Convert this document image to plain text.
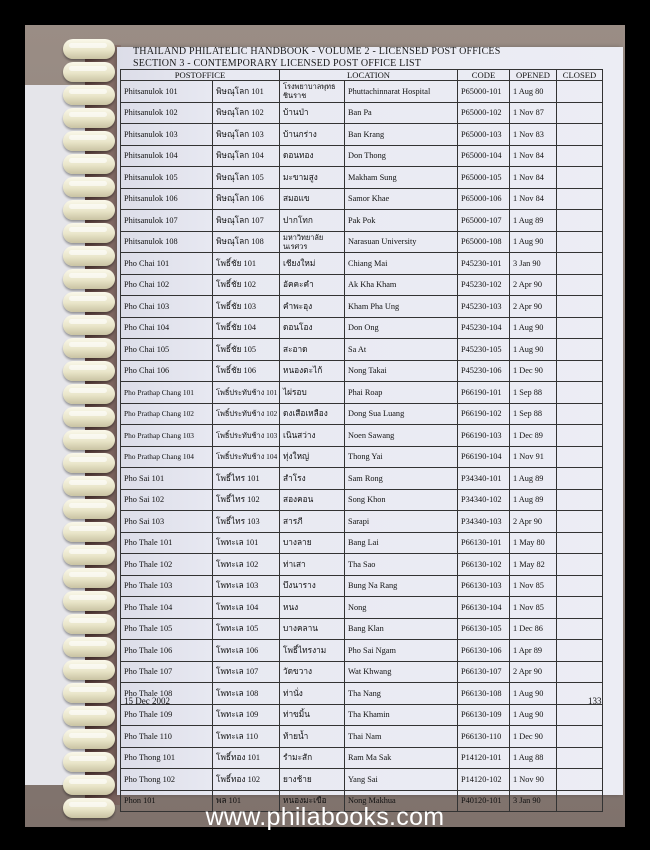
THAILAND PHILATELIC HANDBOOK - VOLUME 2 - LICENSED POST OFFICES
SECTION 3 - CONTEMPORARY LICENSED POST OFFICE LIST
POSTOFFICE		LOCATION		CODE	OPENED	CLOSED
Phitsanulok 101	พิษณุโลก 101	โรงพยาบาลพุทธชินราช	Phuttachinnarat Hospital	P65000-101	1 Aug 80	
Phitsanulok 102	พิษณุโลก 102	บ้านป่า	Ban Pa	P65000-102	1 Nov 87	
Phitsanulok 103	พิษณุโลก 103	บ้านกร่าง	Ban Krang	P65000-103	1 Nov 83	
Phitsanulok 104	พิษณุโลก 104	ดอนทอง	Don Thong	P65000-104	1 Nov 84	
Phitsanulok 105	พิษณุโลก 105	มะขามสูง	Makham Sung	P65000-105	1 Nov 84	
Phitsanulok 106	พิษณุโลก 106	สมอแข	Samor Khae	P65000-106	1 Nov 84	
Phitsanulok 107	พิษณุโลก 107	ปากโทก	Pak Pok	P65000-107	1 Aug 89	
Phitsanulok 108	พิษณุโลก 108	มหาวิทยาลัยนเรศวร	Narasuan University	P65000-108	1 Aug 90	
Pho Chai 101	โพธิ์ชัย 101	เชียงใหม่	Chiang Mai	P45230-101	3 Jan 90	
Pho Chai 102	โพธิ์ชัย 102	อัคคะคำ	Ak Kha Kham	P45230-102	2 Apr 90	
Pho Chai 103	โพธิ์ชัย 103	คำพะอุง	Kham Pha Ung	P45230-103	2 Apr 90	
Pho Chai 104	โพธิ์ชัย 104	ดอนโอง	Don Ong	P45230-104	1 Aug 90	
Pho Chai 105	โพธิ์ชัย 105	สะอาด	Sa At	P45230-105	1 Aug 90	
Pho Chai 106	โพธิ์ชัย 106	หนองตะไก้	Nong Takai	P45230-106	1 Dec 90	
Pho Prathap Chang 101	โพธิ์ประทับช้าง 101	ไผ่รอบ	Phai Roap	P66190-101	1 Sep 88	
Pho Prathap Chang 102	โพธิ์ประทับช้าง 102	ดงเสือเหลือง	Dong Sua Luang	P66190-102	1 Sep 88	
Pho Prathap Chang 103	โพธิ์ประทับช้าง 103	เนินสว่าง	Noen Sawang	P66190-103	1 Dec 89	
Pho Prathap Chang 104	โพธิ์ประทับช้าง 104	ทุ่งใหญ่	Thong Yai	P66190-104	1 Nov 91	
Pho Sai 101	โพธิ์ไทร 101	สำโรง	Sam Rong	P34340-101	1 Aug 89	
Pho Sai 102	โพธิ์ไทร 102	สองคอน	Song Khon	P34340-102	1 Aug 89	
Pho Sai 103	โพธิ์ไทร 103	สารภี	Sarapi	P34340-103	2 Apr 90	
Pho Thale 101	โพทะเล 101	บางลาย	Bang Lai	P66130-101	1 May 80	
Pho Thale 102	โพทะเล 102	ท่าเสา	Tha Sao	P66130-102	1 May 82	
Pho Thale 103	โพทะเล 103	บึงนาราง	Bung Na Rang	P66130-103	1 Nov 85	
Pho Thale 104	โพทะเล 104	หนง	Nong	P66130-104	1 Nov 85	
Pho Thale 105	โพทะเล 105	บางคลาน	Bang Klan	P66130-105	1 Dec 86	
Pho Thale 106	โพทะเล 106	โพธิ์ไทรงาม	Pho Sai Ngam	P66130-106	1 Apr 89	
Pho Thale 107	โพทะเล 107	วัดขวาง	Wat Khwang	P66130-107	2 Apr 90	
Pho Thale 108	โพทะเล 108	ท่านั่ง	Tha Nang	P66130-108	1 Aug 90	
Pho Thale 109	โพทะเล 109	ท่าขมิ้น	Tha Khamin	P66130-109	1 Aug 90	
Pho Thale 110	โพทะเล 110	ท้ายน้ำ	Thai Nam	P66130-110	1 Dec 90	
Pho Thong 101	โพธิ์ทอง 101	รำมะสัก	Ram Ma Sak	P14120-101	1 Aug 88	
Pho Thong 102	โพธิ์ทอง 102	ยางช้าย	Yang Sai	P14120-102	1 Nov 90	
Phon 101	พล 101	หนองมะเขือ	Nong Makhua	P40120-101	3 Jan 90	
15 Dec 2002	133
www.philabooks.com
